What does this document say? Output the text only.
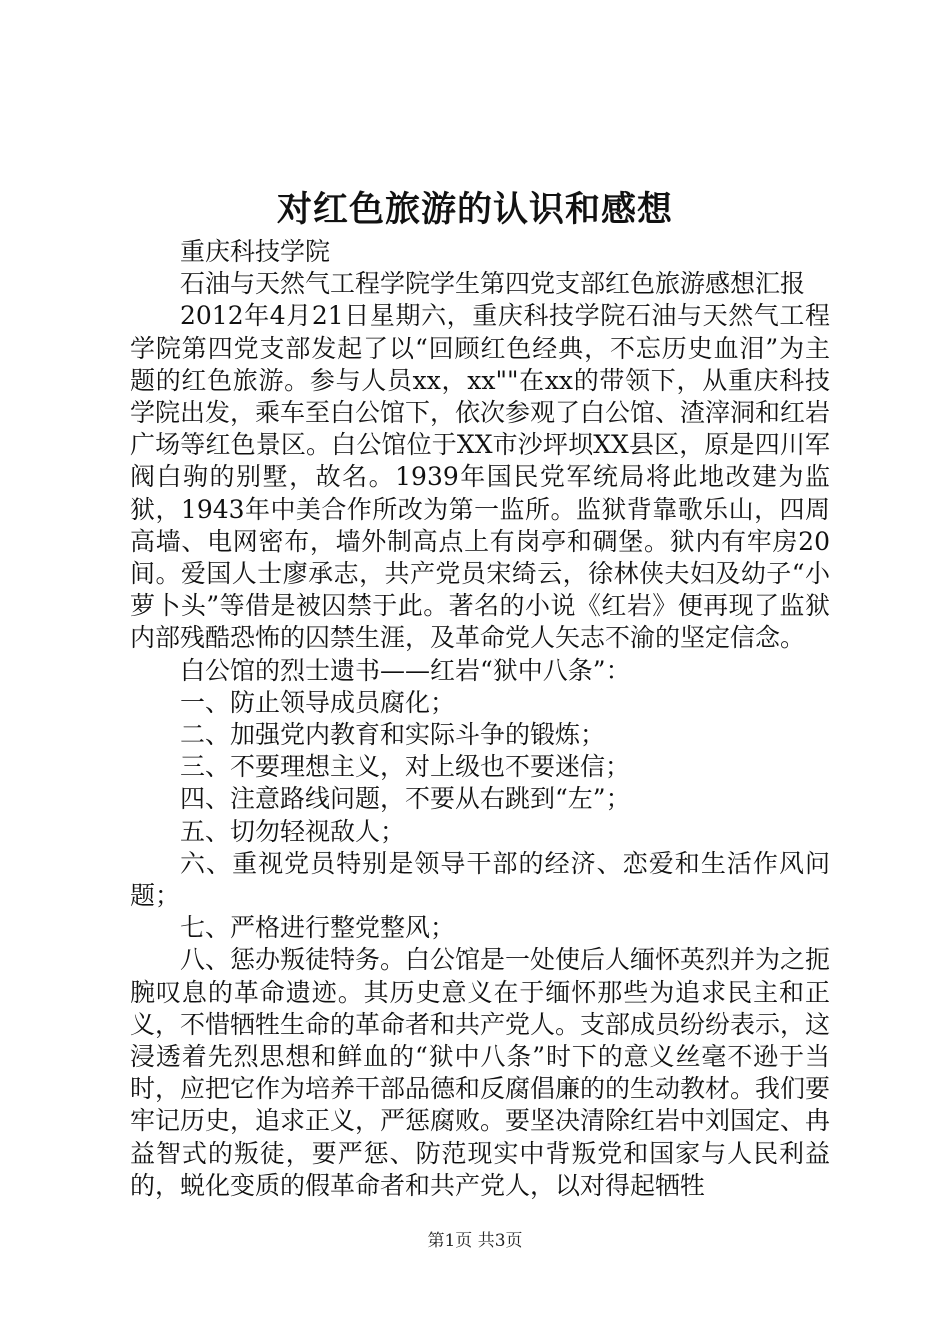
对红色旅游的认识和感想

重庆科技学院

石油与天然气工程学院学生第四党支部红色旅游感想汇报

2012年4月21日星期六，重庆科技学院石油与天然气工程学院第四党支部发起了以“回顾红色经典，不忘历史血泪”为主题的红色旅游。参与人员xx，xx""在xx的带领下，从重庆科技学院出发，乘车至白公馆下，依次参观了白公馆、渣滓洞和红岩广场等红色景区。白公馆位于XX市沙坪坝XX县区，原是四川军阀白驹的别墅，故名。1939年国民党军统局将此地改建为监狱，1943年中美合作所改为第一监所。监狱背靠歌乐山，四周高墙、电网密布，墙外制高点上有岗亭和碉堡。狱内有牢房20间。爱国人士廖承志，共产党员宋绮云，徐林侠夫妇及幼子“小萝卜头”等借是被囚禁于此。著名的小说《红岩》便再现了监狱内部残酷恐怖的囚禁生涯，及革命党人矢志不渝的坚定信念。

白公馆的烈士遗书——红岩“狱中八条”：

一、防止领导成员腐化；

二、加强党内教育和实际斗争的锻炼；

三、不要理想主义，对上级也不要迷信；

四、注意路线问题，不要从右跳到“左”；

五、切勿轻视敌人；

六、重视党员特别是领导干部的经济、恋爱和生活作风问题；

七、严格进行整党整风；

八、惩办叛徒特务。白公馆是一处使后人缅怀英烈并为之扼腕叹息的革命遗迹。其历史意义在于缅怀那些为追求民主和正义，不惜牺牲生命的革命者和共产党人。支部成员纷纷表示，这浸透着先烈思想和鲜血的“狱中八条”时下的意义丝毫不逊于当时，应把它作为培养干部品德和反腐倡廉的的生动教材。我们要牢记历史，追求正义，严惩腐败。要坚决清除红岩中刘国定、冉益智式的叛徒，要严惩、防范现实中背叛党和国家与人民利益的，蜕化变质的假革命者和共产党人，以对得起牺牲

第1页 共3页
